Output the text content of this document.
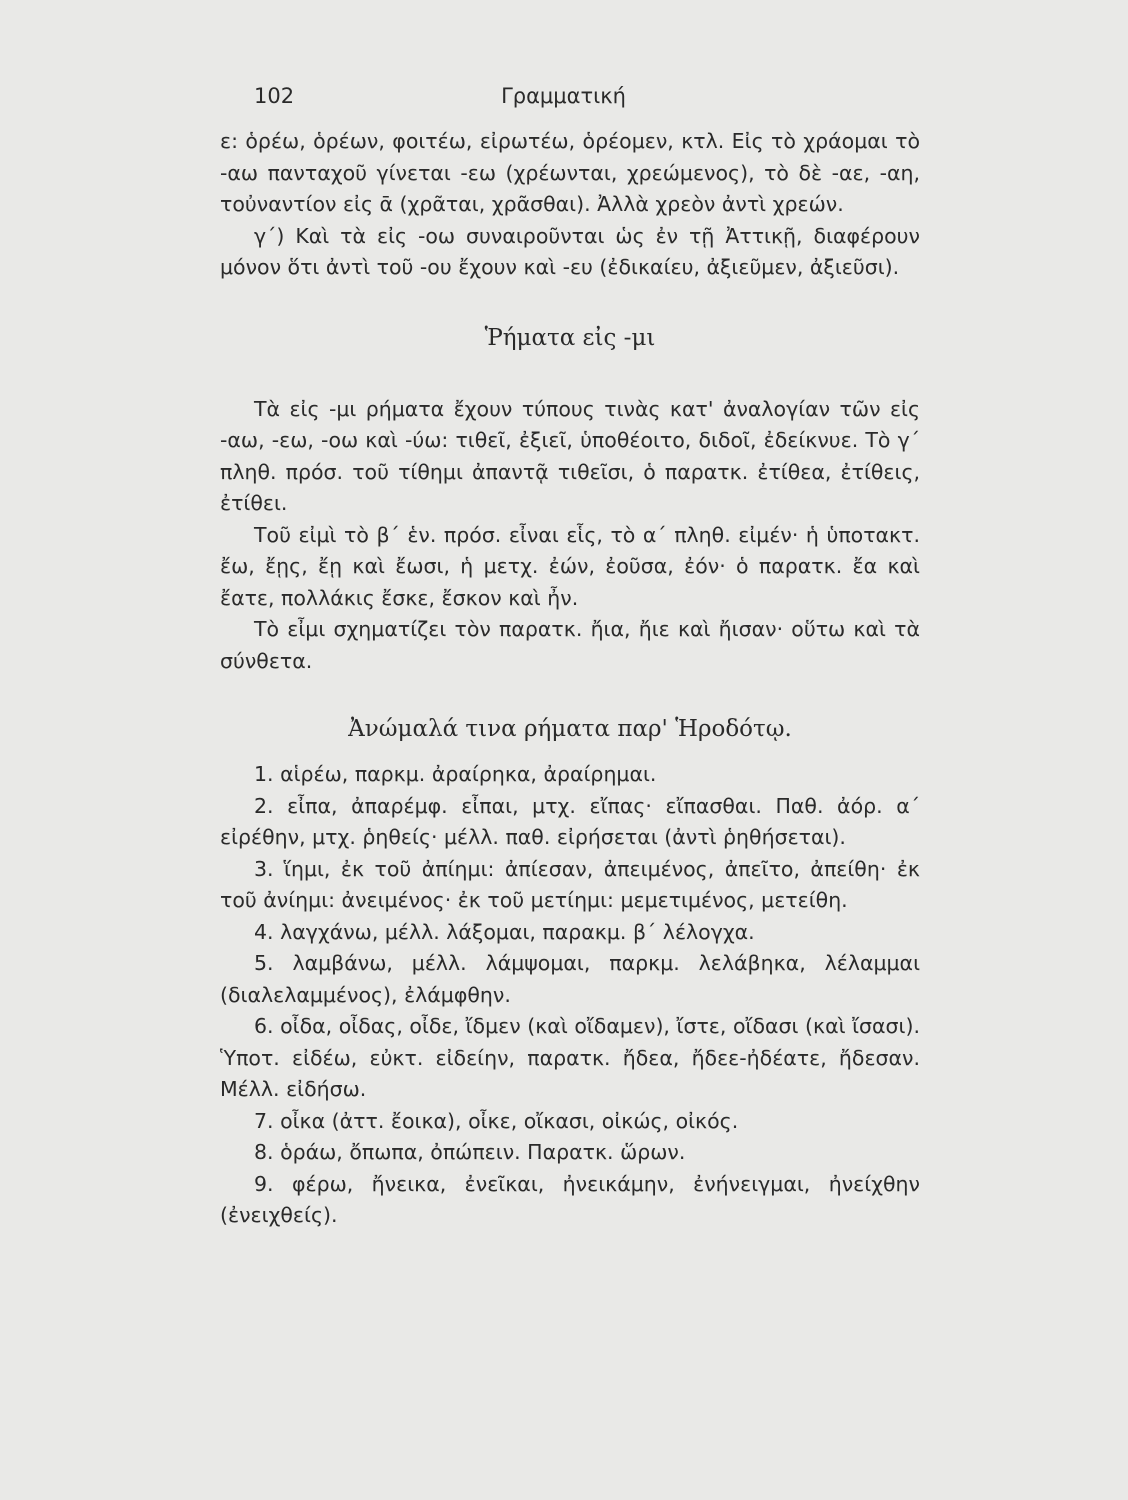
102	Γραμματική

ε: ὁρέω, ὁρέων, φοιτέω, εἰρωτέω, ὁρέομεν, κτλ. Εἰς τὸ χράομαι τὸ -αω πανταχοῦ γίνεται -εω (χρέωνται, χρεώμενος), τὸ δὲ -αε, -αη, τοὐναντίον εἰς ᾱ (χρᾶται, χρᾶσθαι). Ἀλλὰ χρεὸν ἀντὶ χρεών.

γ΄) Καὶ τὰ εἰς -οω συναιροῦνται ὡς ἐν τῇ Ἀττικῇ, διαφέρουν μόνον ὅτι ἀντὶ τοῦ -ου ἔχουν καὶ -ευ (ἐδικαίευ, ἀξιεῦμεν, ἀξιεῦσι).

Ῥήματα εἰς -μι

Τὰ εἰς -μι ρήματα ἔχουν τύπους τινὰς κατ' ἀναλογίαν τῶν εἰς -αω, -εω, -οω καὶ -ύω: τιθεῖ, ἐξιεῖ, ὑποθέοιτο, διδοῖ, ἐδείκνυε. Τὸ γ΄ πληθ. πρόσ. τοῦ τίθημι ἀπαντᾷ τιθεῖσι, ὁ παρατκ. ἐτίθεα, ἐτίθεις, ἐτίθει.

Τοῦ εἰμὶ τὸ β΄ ἑν. πρόσ. εἶναι εἷς, τὸ α΄ πληθ. εἰμέν· ἡ ὑποτακτ. ἔω, ἔῃς, ἔῃ καὶ ἔωσι, ἡ μετχ. ἐών, ἐοῦσα, ἐόν· ὁ παρατκ. ἔα καὶ ἔατε, πολλάκις ἔσκε, ἔσκον καὶ ἦν.

Τὸ εἶμι σχηματίζει τὸν παρατκ. ἤια, ἤιε καὶ ἤισαν· οὕτω καὶ τὰ σύνθετα.

Ἀνώμαλά τινα ρήματα παρ' Ἡροδότῳ.

1. αἱρέω, παρκμ. ἀραίρηκα, ἀραίρημαι.

2. εἶπα, ἀπαρέμφ. εἶπαι, μτχ. εἴπας· εἴπασθαι. Παθ. ἀόρ. α΄ εἰρέθην, μτχ. ῥηθείς· μέλλ. παθ. εἰρήσεται (ἀντὶ ῥηθήσεται).

3. ἵημι, ἐκ τοῦ ἀπίημι: ἀπίεσαν, ἀπειμένος, ἀπεῖτο, ἀπείθη· ἐκ τοῦ ἀνίημι: ἀνειμένος· ἐκ τοῦ μετίημι: μεμετιμένος, μετείθη.

4. λαγχάνω, μέλλ. λάξομαι, παρακμ. β΄ λέλογχα.

5. λαμβάνω, μέλλ. λάμψομαι, παρκμ. λελάβηκα, λέλαμμαι (διαλελαμμένος), ἐλάμφθην.

6. οἶδα, οἶδας, οἶδε, ἴδμεν (καὶ οἴδαμεν), ἴστε, οἴδασι (καὶ ἴσασι). Ὑποτ. εἰδέω, εὐκτ. εἰδείην, παρατκ. ἤδεα, ἤδεε-ἠδέατε, ἤδεσαν. Μέλλ. εἰδήσω.

7. οἶκα (ἀττ. ἔοικα), οἶκε, οἴκασι, οἰκώς, οἰκός.

8. ὁράω, ὄπωπα, ὀπώπειν. Παρατκ. ὥρων.

9. φέρω, ἤνεικα, ἐνεῖκαι, ἠνεικάμην, ἐνήνειγμαι, ἠνείχθην (ἐνειχθείς).
